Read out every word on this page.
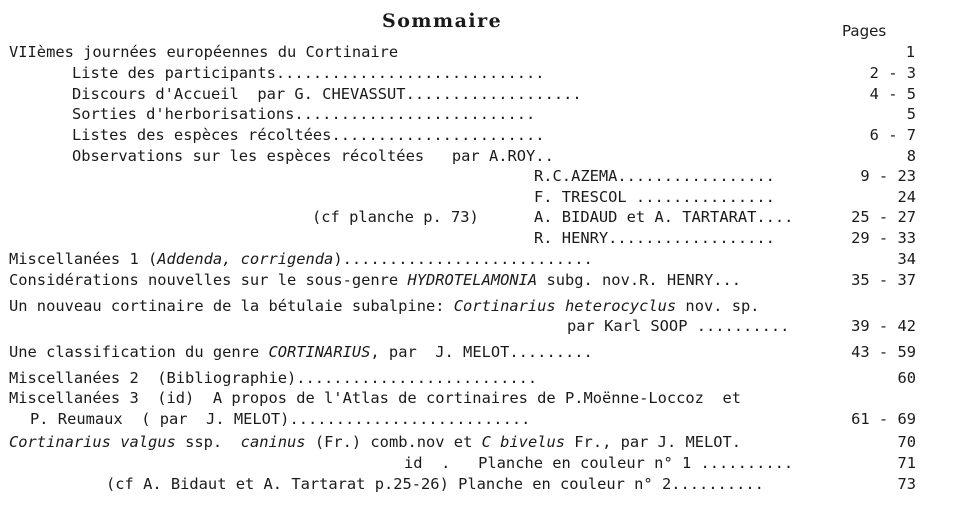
Sommaire	Pages
VIIèmes journées européennes du Cortinaire	1
Liste des participants.............................	2 - 3
Discours d'Accueil  par G. CHEVASSUT...................	4 - 5
Sorties d'herborisations..........................	5
Listes des espèces récoltées.......................	6 - 7
Observations sur les espèces récoltées   par A.ROY..	8
R.C.AZEMA.................	9 - 23
F. TRESCOL ...............	24
(cf planche p. 73)	A. BIDAUD et A. TARTARAT....	25 - 27
R. HENRY..................	29 - 33
Miscellanées 1 (Addenda, corrigenda)...........................	34
Considérations nouvelles sur le sous-genre HYDROTELAMONIA subg. nov.R. HENRY...	35 - 37
Un nouveau cortinaire de la bétulaie subalpine: Cortinarius heterocyclus nov. sp.
par Karl SOOP ..........	39 - 42
Une classification du genre CORTINARIUS, par  J. MELOT.........	43 - 59
Miscellanées 2  (Bibliographie)..........................	60
Miscellanées 3  (id)  A propos de l'Atlas de cortinaires de P.Moënne-Loccoz  et
P. Reumaux  ( par  J. MELOT)..........................	61 - 69
Cortinarius valgus ssp.  caninus (Fr.) comb.nov et C bivelus Fr., par J. MELOT.	70
id  .   Planche en couleur n° 1 ..........	71
(cf A. Bidaut et A. Tartarat p.25-26) Planche en couleur n° 2..........	73
